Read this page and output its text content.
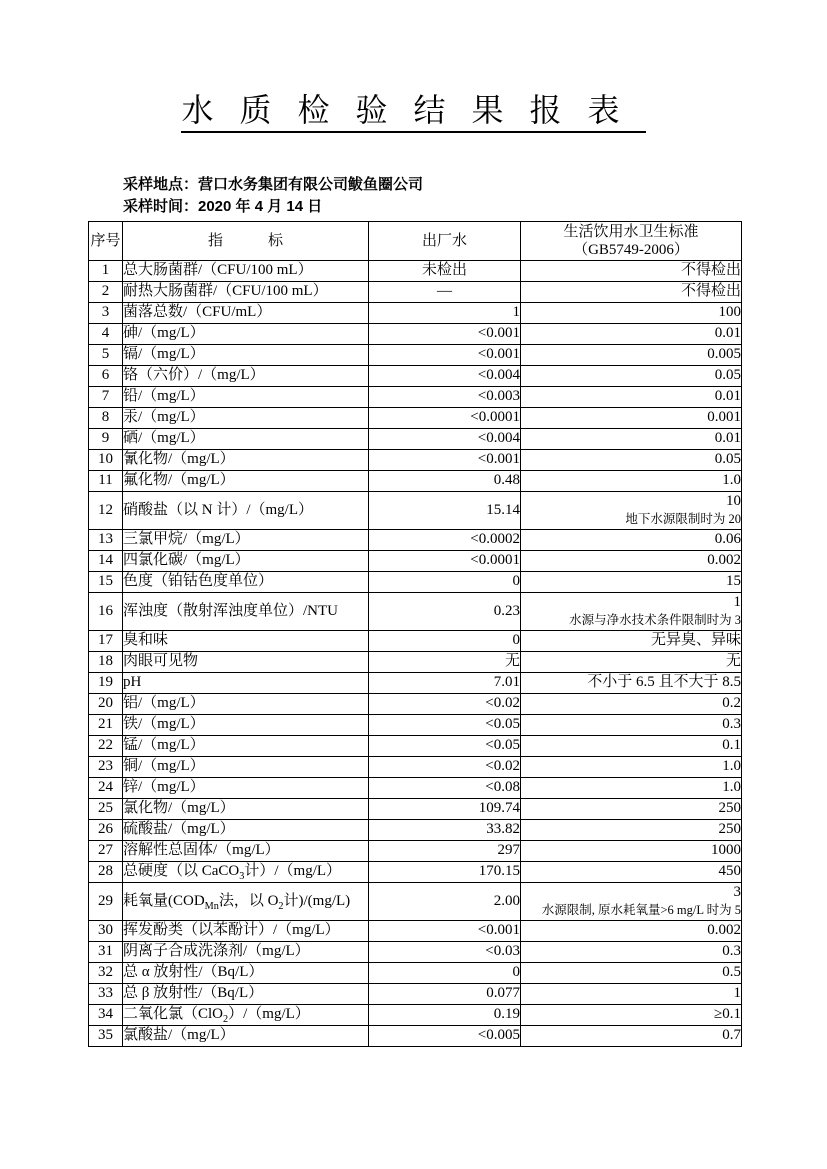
水质检验结果报表
采样地点：营口水务集团有限公司鲅鱼圈公司
采样时间：2020 年 4 月 14 日
序号	指　　　标	出厂水	生活饮用水卫生标准
（GB5749-2006）

1	总大肠菌群/（CFU/100 mL）	未检出	不得检出

2	耐热大肠菌群/（CFU/100 mL）	—	不得检出

3	菌落总数/（CFU/mL）	1	100

4	砷/（mg/L）	<0.001	0.01

5	镉/（mg/L）	<0.001	0.005

6	铬（六价）/（mg/L）	<0.004	0.05

7	铅/（mg/L）	<0.003	0.01

8	汞/（mg/L）	<0.0001	0.001

9	硒/（mg/L）	<0.004	0.01

10	氰化物/（mg/L）	<0.001	0.05

11	氟化物/（mg/L）	0.48	1.0

12	硝酸盐（以 N 计）/（mg/L）	15.14	10
地下水源限制时为 20

13	三氯甲烷/（mg/L）	<0.0002	0.06

14	四氯化碳/（mg/L）	<0.0001	0.002

15	色度（铂钴色度单位）	0	15

16	浑浊度（散射浑浊度单位）/NTU	0.23	1
水源与净水技术条件限制时为 3

17	臭和味	0	无异臭、异味

18	肉眼可见物	无	无

19	pH	7.01	不小于 6.5 且不大于 8.5

20	铝/（mg/L）	<0.02	0.2

21	铁/（mg/L）	<0.05	0.3

22	锰/（mg/L）	<0.05	0.1

23	铜/（mg/L）	<0.02	1.0

24	锌/（mg/L）	<0.08	1.0

25	氯化物/（mg/L）	109.74	250

26	硫酸盐/（mg/L）	33.82	250

27	溶解性总固体/（mg/L）	297	1000

28	总硬度（以 CaCO$_3$计）/（mg/L）	170.15	450

29	耗氧量($COD_{Mn}$法，以 $O_2$计)/(mg/L)	2.00	3
水源限制, 原水耗氧量>6 mg/L 时为 5

30	挥发酚类（以苯酚计）/（mg/L）	<0.001	0.002

31	阴离子合成洗涤剂/（mg/L）	<0.03	0.3

32	总 α 放射性/（Bq/L）	0	0.5

33	总 β 放射性/（Bq/L）	0.077	1

34	二氧化氯（ClO$_2$）/（mg/L）	0.19	≥0.1

35	氯酸盐/（mg/L）	<0.005	0.7
